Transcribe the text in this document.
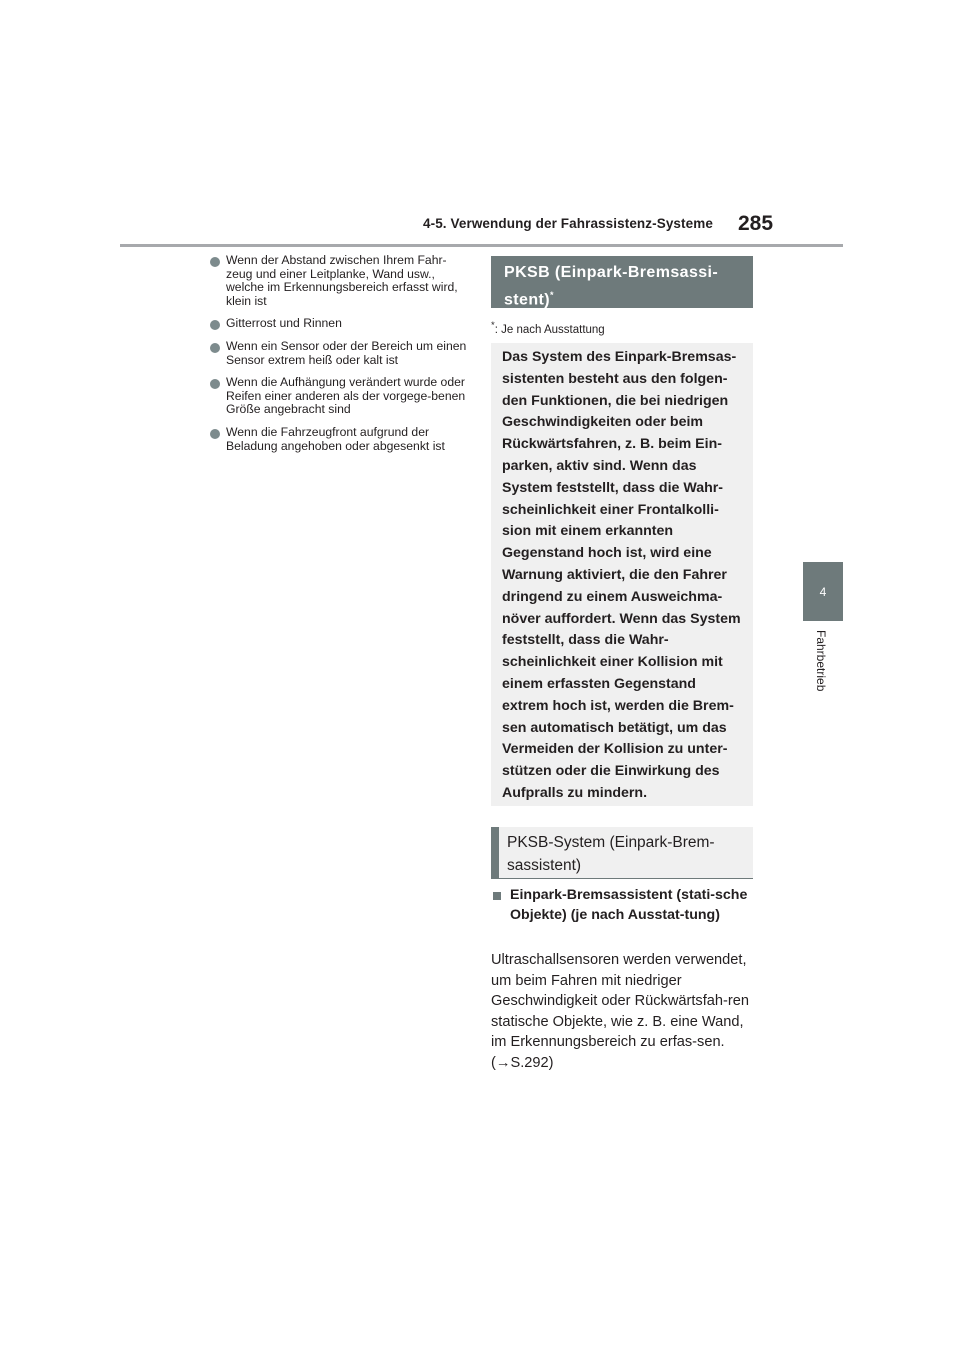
4-5. Verwendung der Fahrassistenz-Systeme 285
4
Fahrbetrieb
Wenn der Abstand zwischen Ihrem Fahr-zeug und einer Leitplanke, Wand usw., welche im Erkennungsbereich erfasst wird, klein ist
Gitterrost und Rinnen
Wenn ein Sensor oder der Bereich um einen Sensor extrem heiß oder kalt ist
Wenn die Aufhängung verändert wurde oder Reifen einer anderen als der vorgege-benen Größe angebracht sind
Wenn die Fahrzeugfront aufgrund der Beladung angehoben oder abgesenkt ist
PKSB (Einpark-Bremsassi-stent)*
*: Je nach Ausstattung
Das System des Einpark-Bremsas-sistenten besteht aus den folgen-den Funktionen, die bei niedrigen Geschwindigkeiten oder beim Rückwärtsfahren, z. B. beim Ein-parken, aktiv sind. Wenn das System feststellt, dass die Wahr-scheinlichkeit einer Frontalkolli-sion mit einem erkannten Gegenstand hoch ist, wird eine Warnung aktiviert, die den Fahrer dringend zu einem Ausweichma-növer auffordert. Wenn das System feststellt, dass die Wahr-scheinlichkeit einer Kollision mit einem erfassten Gegenstand extrem hoch ist, werden die Brem-sen automatisch betätigt, um das Vermeiden der Kollision zu unter-stützen oder die Einwirkung des Aufpralls zu mindern.
PKSB-System (Einpark-Brem-sassistent)
Einpark-Bremsassistent (stati-sche Objekte) (je nach Ausstat-tung)
Ultraschallsensoren werden verwendet, um beim Fahren mit niedriger Geschwindigkeit oder Rückwärtsfah-ren statische Objekte, wie z. B. eine Wand, im Erkennungsbereich zu erfas-sen. (→S.292)
